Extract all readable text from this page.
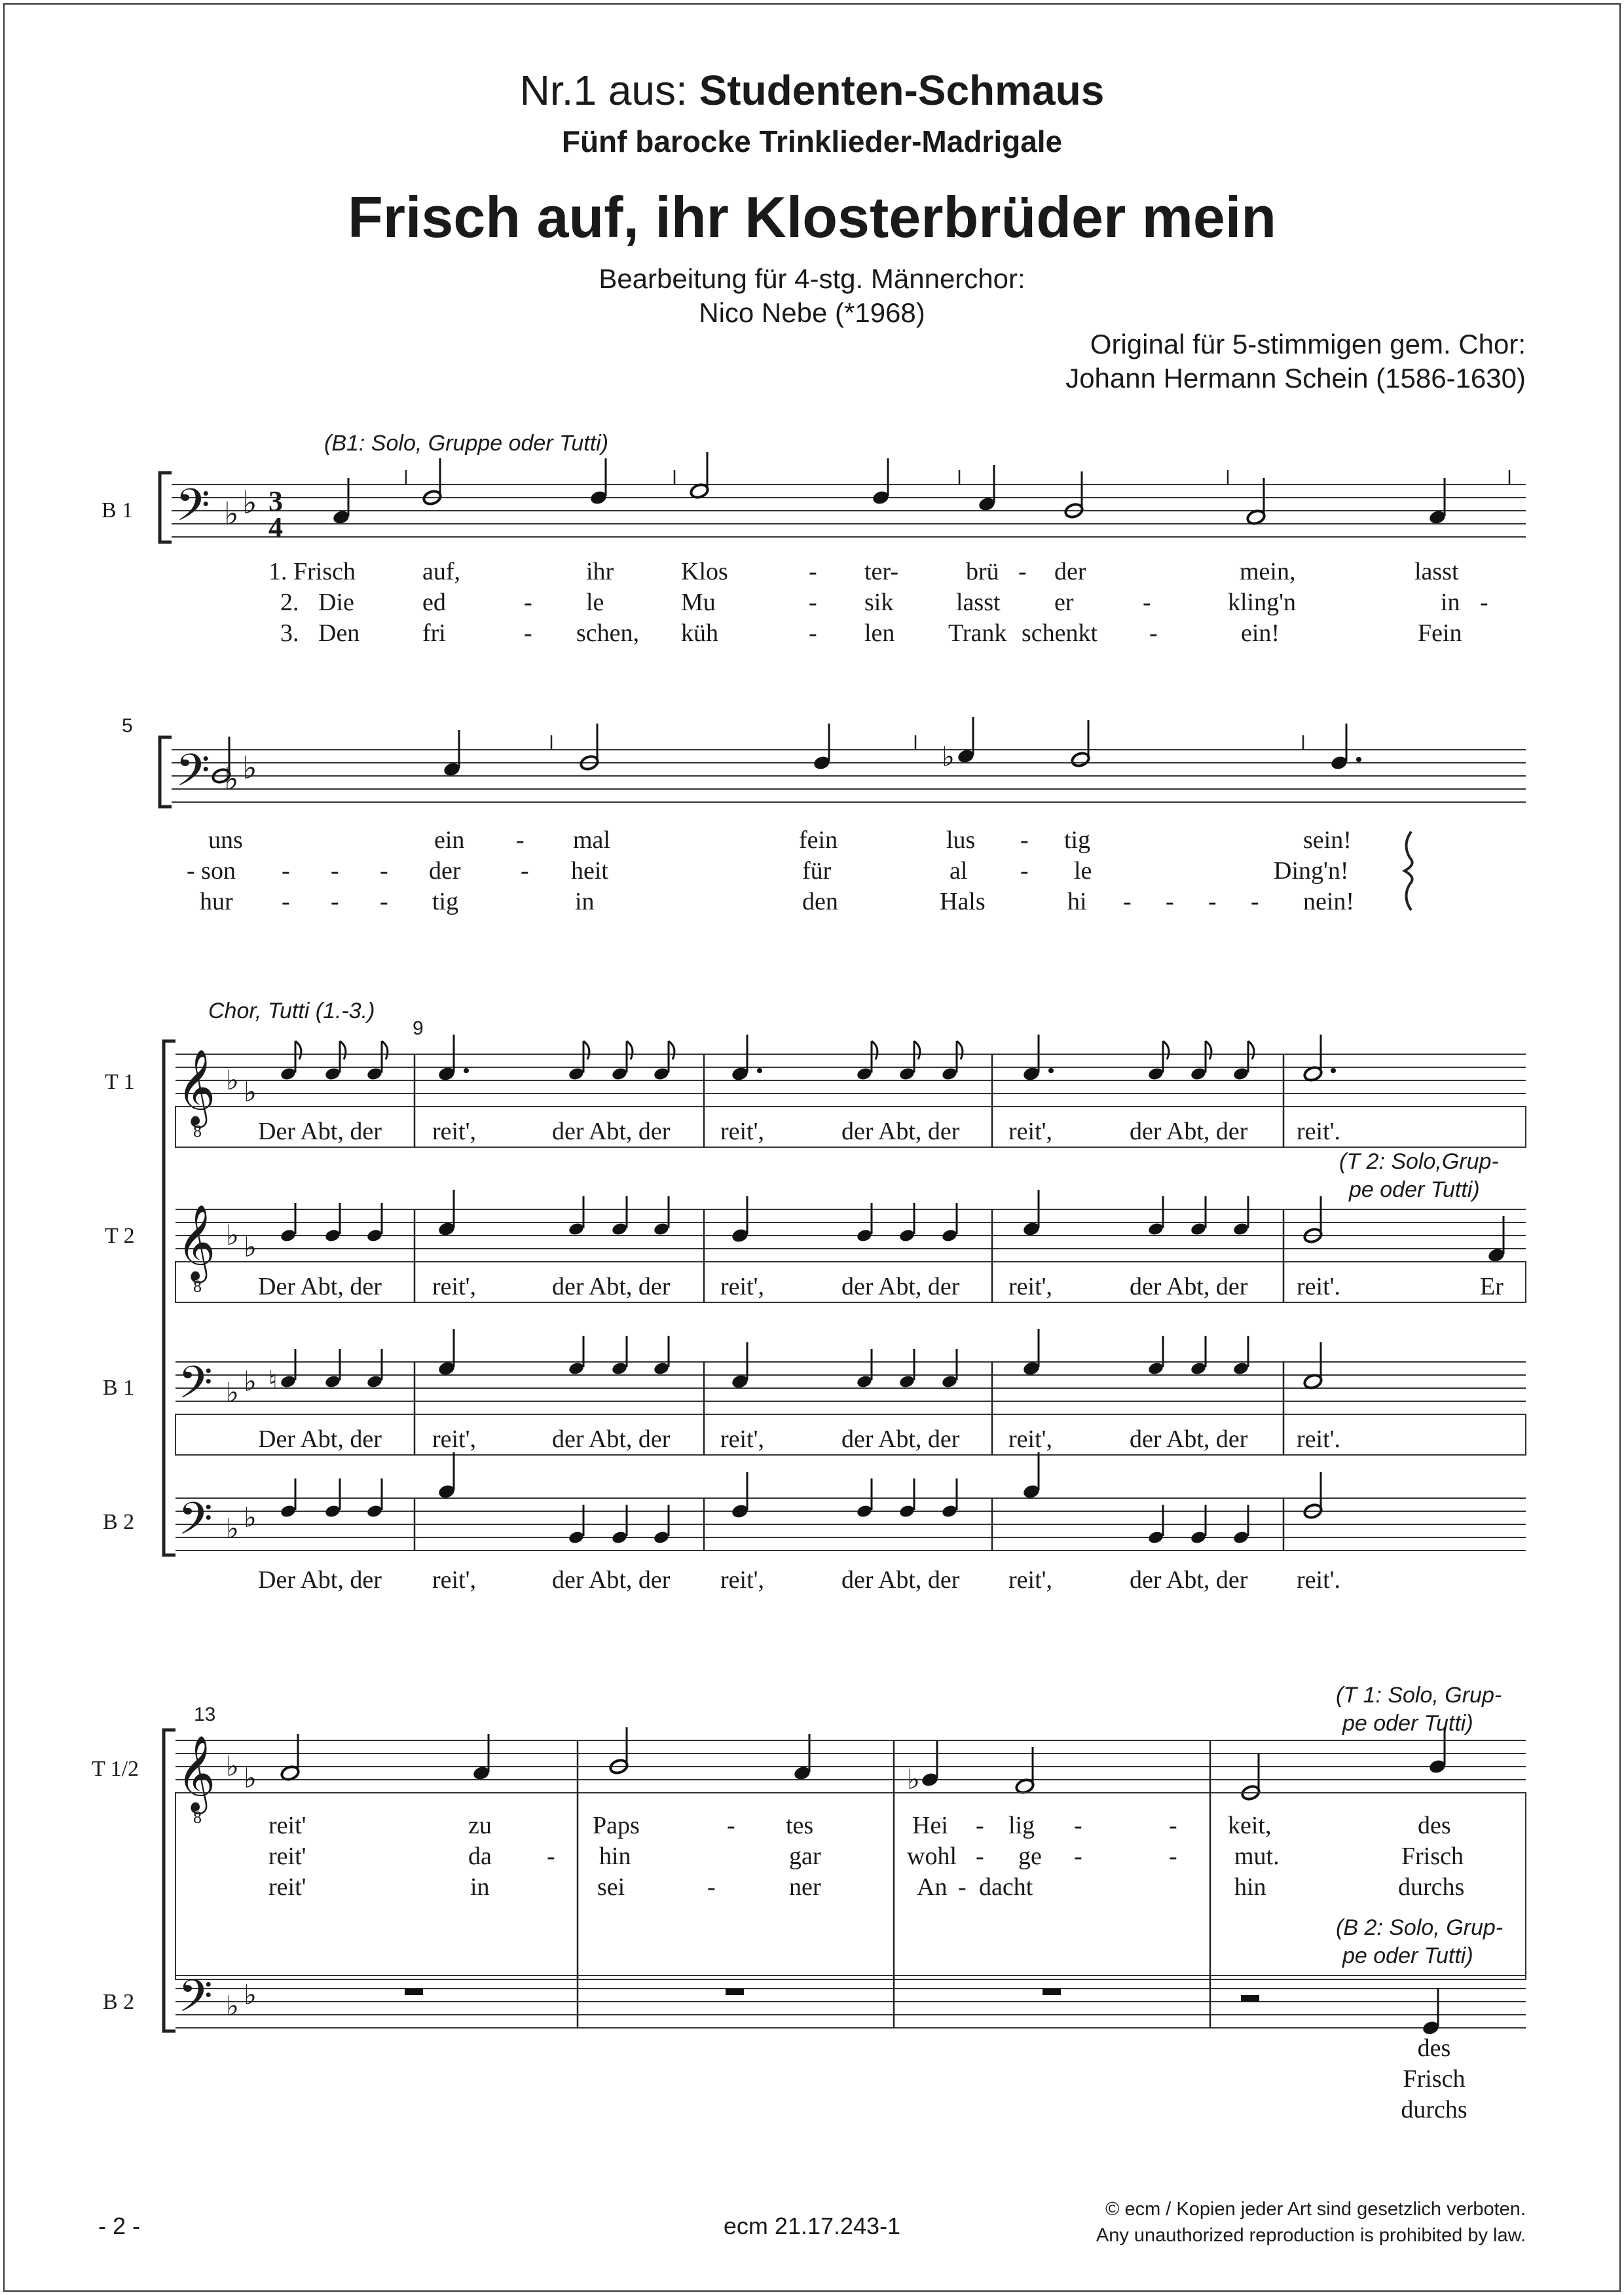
Nr.1 aus: Studenten-Schmaus
Fünf barocke Trinklieder-Madrigale
Frisch auf, ihr Klosterbrüder mein
Bearbeitung für 4-stg. Männerchor:
Nico Nebe (*1968)
Original für 5-stimmigen gem. Chor:
Johann Hermann Schein (1586-1630)
(B1: Solo, Gruppe oder Tutti)
B 1 𝄢 ♭ ♭ 3
4
1. Frisch	auf,	ihr	Klos	- ter-	brü - der	mein,	lasst
2. Die	ed	- le	Mu	- sik	lasst er	-	kling'n	in -
3. Den	fri	- schen, küh	- len Trank schenkt -	ein!	Fein
5
𝄢 ♭ ♭	♭
uns	ein - mal	fein	lus - tig	sein!
- son - - - der - heit	für	al - le	Ding'n!
hur - - - tig	in	den	Hals	hi - - - - nein!
Chor, Tutti (1.-3.)
9
T 1 𝄞
8
♭ ♭
Der Abt, der reit',	der Abt, der reit',	der Abt, der reit',	der Abt, der reit'.
(T 2: Solo,Grup-
pe oder Tutti)
T 2 𝄞
8
♭ ♭
Der Abt, der reit',	der Abt, der reit',	der Abt, der reit',	der Abt, der reit'.	Er
B 1 𝄢 ♭ ♭ ♮
Der Abt, der reit',	der Abt, der reit',	der Abt, der reit',	der Abt, der reit'.
B 2 𝄢 ♭ ♭
Der Abt, der reit',	der Abt, der reit',	der Abt, der reit',	der Abt, der reit'.
13
(T 1: Solo, Grup-
pe oder Tutti)
T 1/2 𝄞
8
♭ ♭	♭
reit'	zu	Paps	- tes	Hei - lig -	- keit,	des
reit'	da - hin	gar	wohl - ge -	- mut.	Frisch
reit'	in	sei	-	ner	An - dacht	hin	durchs
(B 2: Solo, Grup-
pe oder Tutti)
B 2 𝄢 ♭ ♭
des
Frisch
durchs
- 2 -	ecm 21.17.243-1
© ecm / Kopien jeder Art sind gesetzlich verboten.
Any unauthorized reproduction is prohibited by law.
